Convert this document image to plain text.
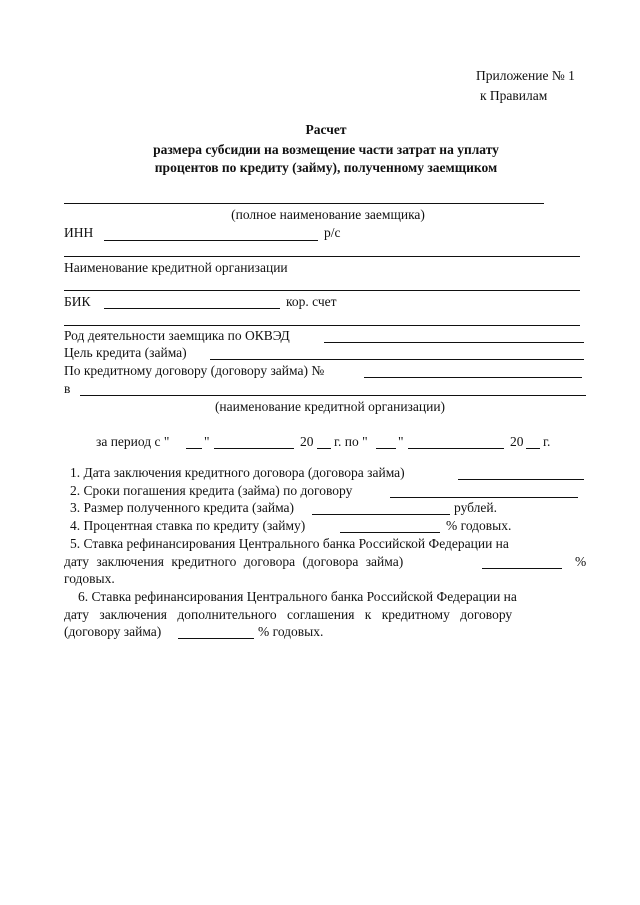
Приложение № 1
к Правилам
Расчет
размера субсидии на возмещение части затрат на уплату
процентов по кредиту (займу), полученному заемщиком
(полное наименование заемщика)
ИНН	р/с
Наименование кредитной организации
БИК	кор. счет
Род деятельности заемщика по ОКВЭД
Цель кредита (займа)
По кредитному договору (договору займа) №
в
(наименование кредитной организации)
за период с "	"	20 г. по " "	20 г.
1. Дата заключения кредитного договора (договора займа)
2. Сроки погашения кредита (займа) по договору
3. Размер полученного кредита (займа)	рублей.
4. Процентная ставка по кредиту (займу)	% годовых.
5. Ставка рефинансирования Центрального банка Российской Федерации на
дату заключения кредитного договора (договора займа)	%
годовых.
6. Ставка рефинансирования Центрального банка Российской Федерации на
дату заключения дополнительного соглашения к кредитному договору
(договору займа)	% годовых.
